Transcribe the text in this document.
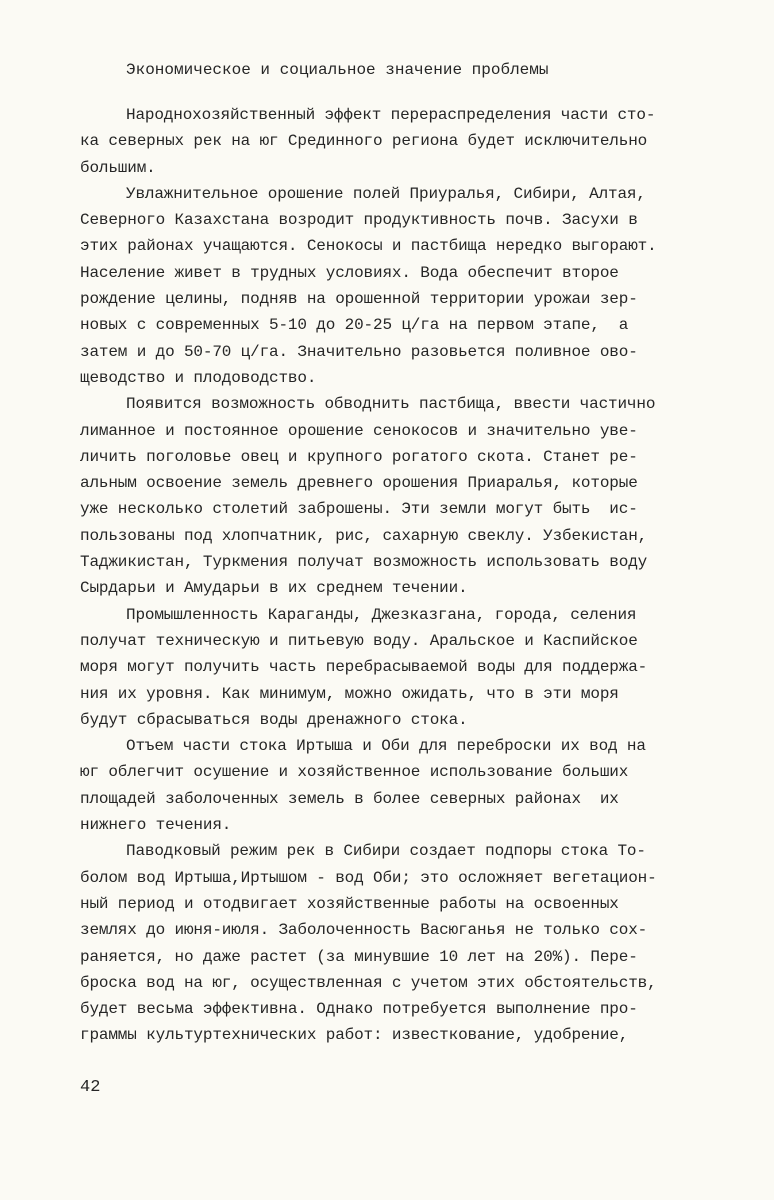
Экономическое и социальное значение проблемы
Народнохозяйственный эффект перераспределения части сто-
ка северных рек на юг Срединного региона будет исключительно
большим.
Увлажнительное орошение полей Приуралья, Сибири, Алтая,
Северного Казахстана возродит продуктивность почв. Засухи в
этих районах учащаются. Сенокосы и пастбища нередко выгорают.
Население живет в трудных условиях. Вода обеспечит второе
рождение целины, подняв на орошенной территории урожаи зер-
новых с современных 5-10 до 20-25 ц/га на первом этапе,  а
затем и до 50-70 ц/га. Значительно разовьется поливное ово-
щеводство и плодоводство.
Появится возможность обводнить пастбища, ввести частично
лиманное и постоянное орошение сенокосов и значительно уве-
личить поголовье овец и крупного рогатого скота. Станет ре-
альным освоение земель древнего орошения Приаралья, которые
уже несколько столетий заброшены. Эти земли могут быть  ис-
пользованы под хлопчатник, рис, сахарную свеклу. Узбекистан,
Таджикистан, Туркмения получат возможность использовать воду
Сырдарьи и Амударьи в их среднем течении.
Промышленность Караганды, Джезказгана, города, селения
получат техническую и питьевую воду. Аральское и Каспийское
моря могут получить часть перебрасываемой воды для поддержа-
ния их уровня. Как минимум, можно ожидать, что в эти моря
будут сбрасываться воды дренажного стока.
Отъем части стока Иртыша и Оби для переброски их вод на
юг облегчит осушение и хозяйственное использование больших
площадей заболоченных земель в более северных районах  их
нижнего течения.
Паводковый режим рек в Сибири создает подпоры стока То-
болом вод Иртыша,Иртышом - вод Оби; это осложняет вегетацион-
ный период и отодвигает хозяйственные работы на освоенных
землях до июня-июля. Заболоченность Васюганья не только сох-
раняется, но даже растет (за минувшие 10 лет на 20%). Пере-
броска вод на юг, осуществленная с учетом этих обстоятельств,
будет весьма эффективна. Однако потребуется выполнение про-
граммы культуртехнических работ: известкование, удобрение,
42
